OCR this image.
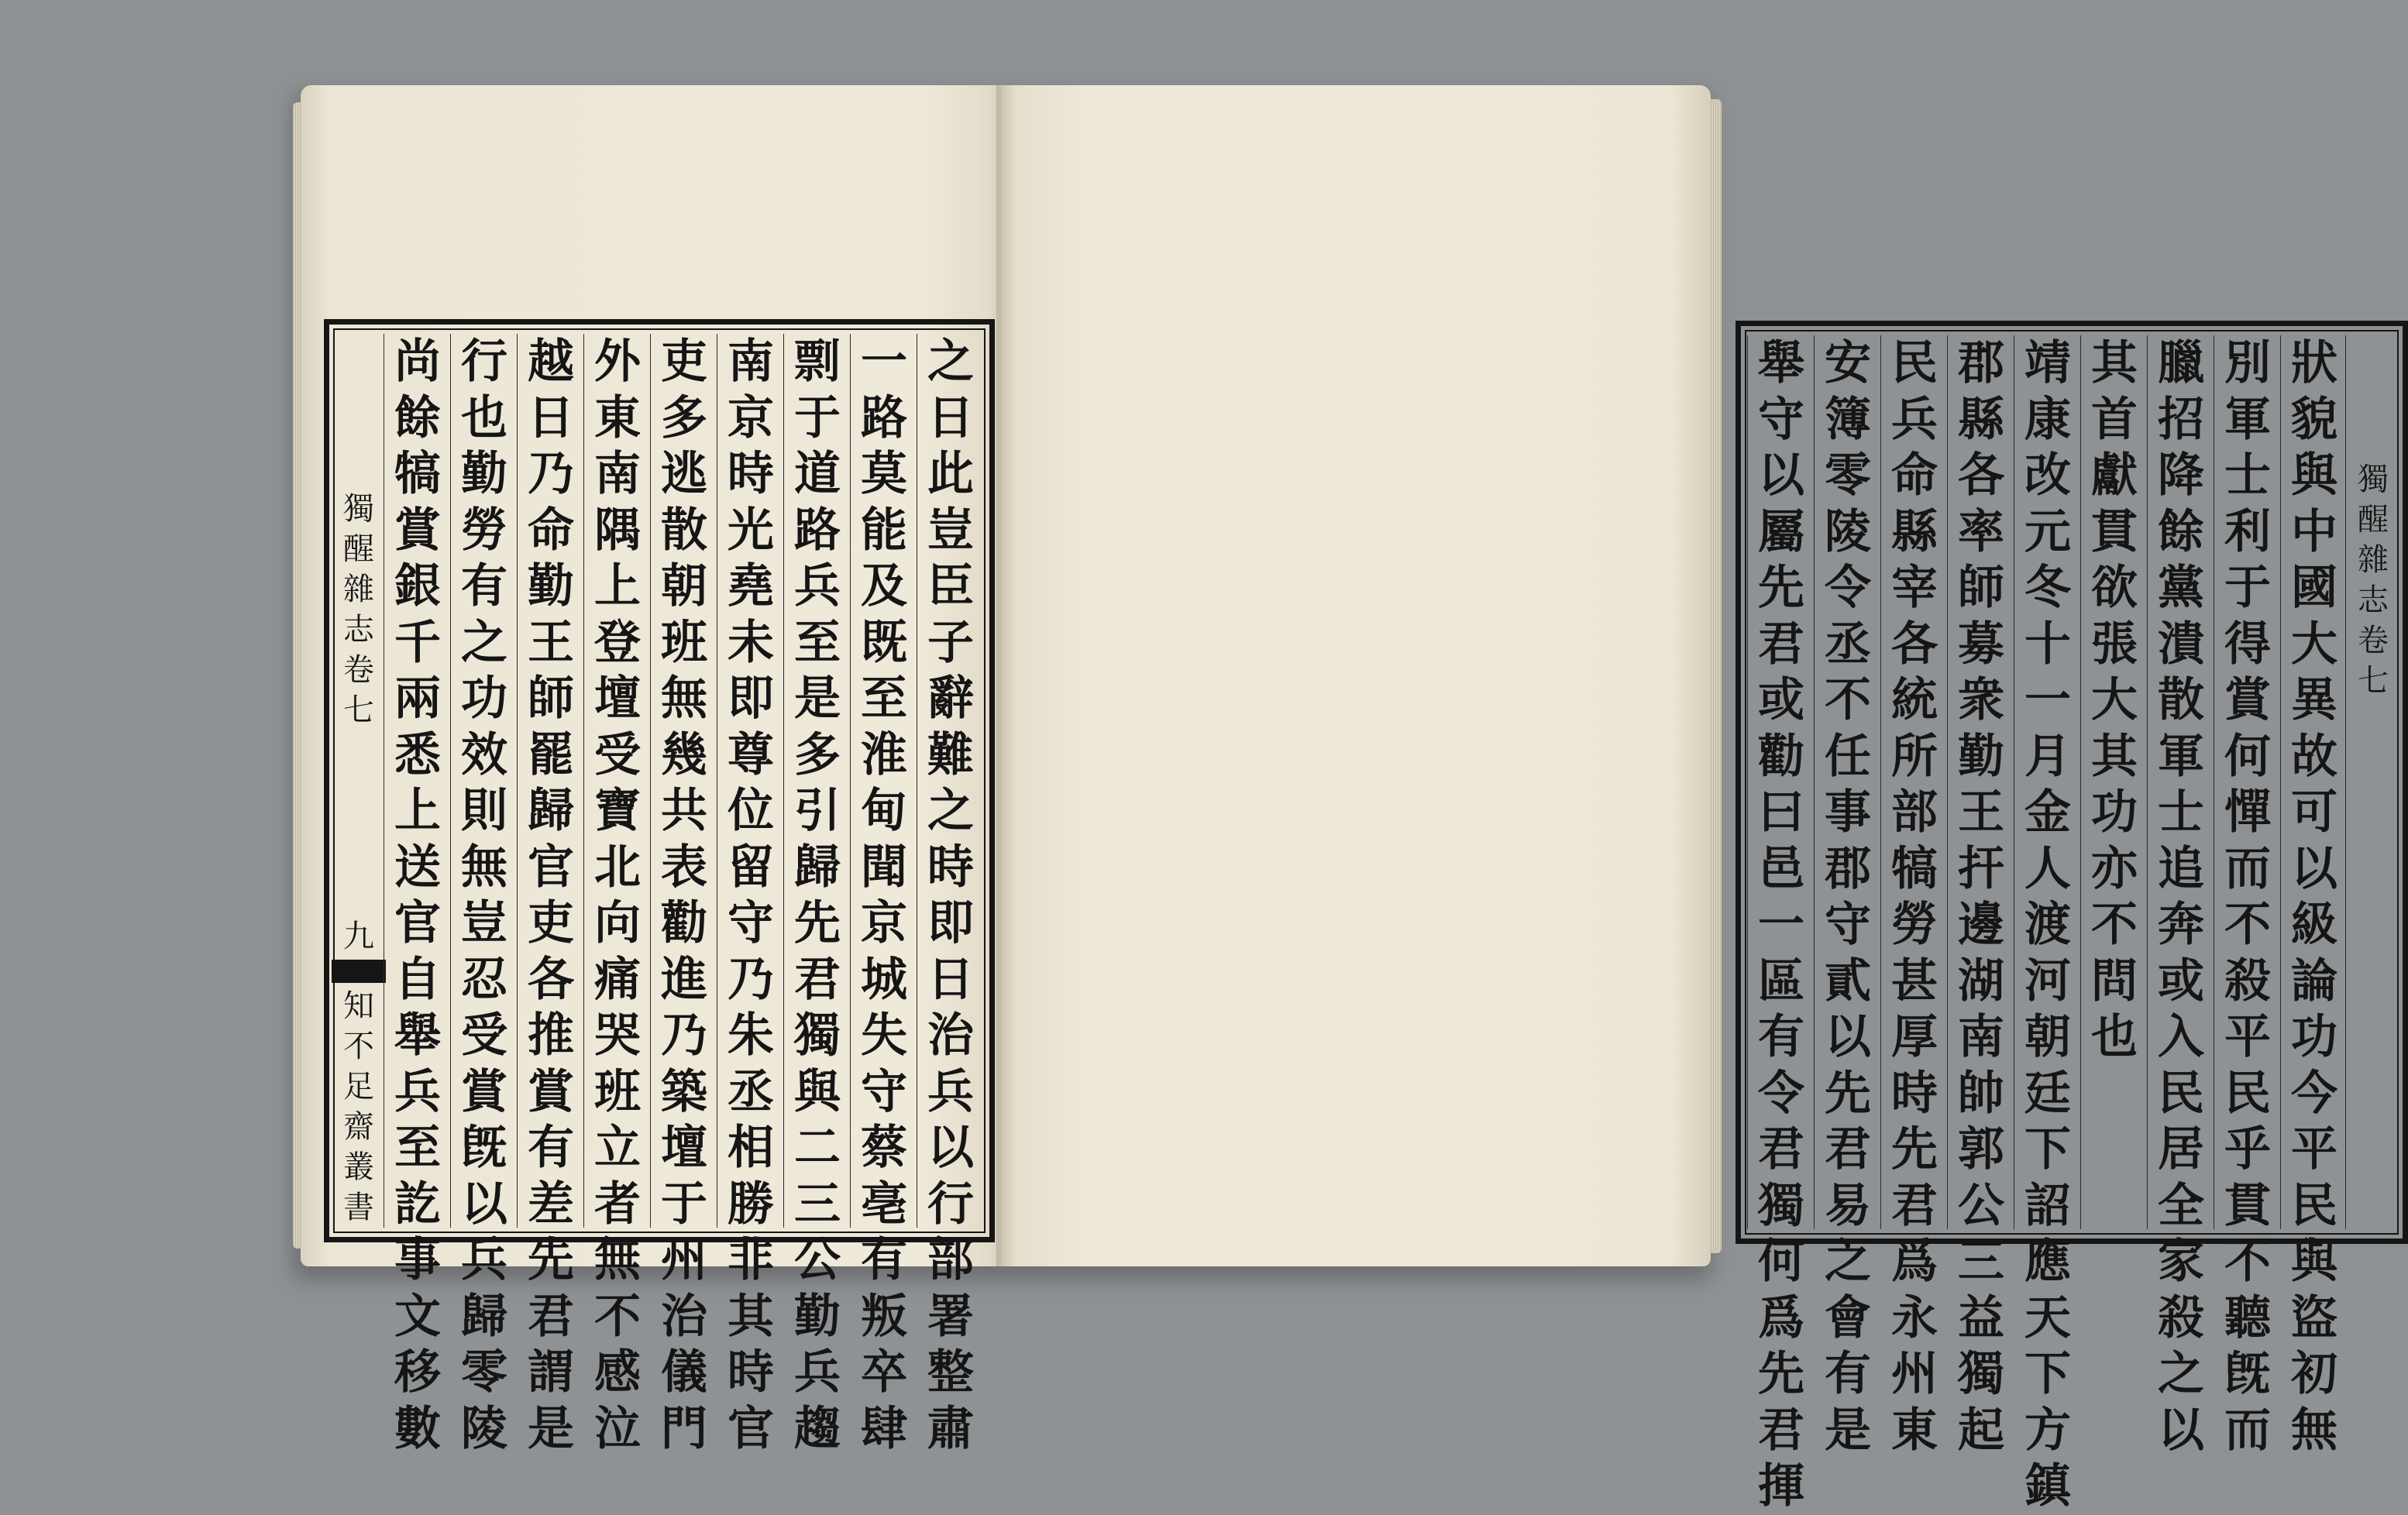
獨
醒
雜
志
卷
七
九
知
不
足
齋
叢
書
之
日
此
豈
臣
子
辭
難
之
時
即
日
治
兵
以
行
部
署
整
肅
一
路
莫
能
及
既
至
淮
甸
聞
京
城
失
守
蔡
亳
有
叛
卒
肆
剽
于
道
路
兵
至
是
多
引
歸
先
君
獨
與
二
三
公
勤
兵
趨
南
京
時
光
堯
未
即
尊
位
留
守
乃
朱
丞
相
勝
非
其
時
官
吏
多
逃
散
朝
班
無
幾
共
表
勸
進
乃
築
壇
于
州
治
儀
門
外
東
南
隅
上
登
壇
受
寶
北
向
痛
哭
班
立
者
無
不
感
泣
越
日
乃
命
勤
王
師
罷
歸
官
吏
各
推
賞
有
差
先
君
謂
是
行
也
勤
勞
有
之
功
效
則
無
豈
忍
受
賞
旣
以
兵
歸
零
陵
尚
餘
犒
賞
銀
千
兩
悉
上
送
官
自
舉
兵
至
訖
事
文
移
數
狀
貌
與
中
國
大
異
故
可
以
級
論
功
今
平
民
與
盜
初
無
別
軍
士
利
于
得
賞
何
憚
而
不
殺
平
民
乎
貫
不
聽
旣
而
臘
招
降
餘
黨
潰
散
軍
士
追
奔
或
入
民
居
全
家
殺
之
以
其
首
獻
貫
欲
張
大
其
功
亦
不
問
也
靖
康
改
元
冬
十
一
月
金
人
渡
河
朝
廷
下
詔
應
天
下
方
鎮
郡
縣
各
率
師
募
衆
勤
王
扞
邊
湖
南
帥
郭
公
三
益
獨
起
民
兵
命
縣
宰
各
統
所
部
犒
勞
甚
厚
時
先
君
爲
永
州
東
安
簿
零
陵
令
丞
不
任
事
郡
守
貳
以
先
君
易
之
會
有
是
舉
守
以
屬
先
君
或
勸
曰
邑
一
區
有
令
君
獨
何
爲
先
君
揮
獨
醒
雜
志
卷
七
